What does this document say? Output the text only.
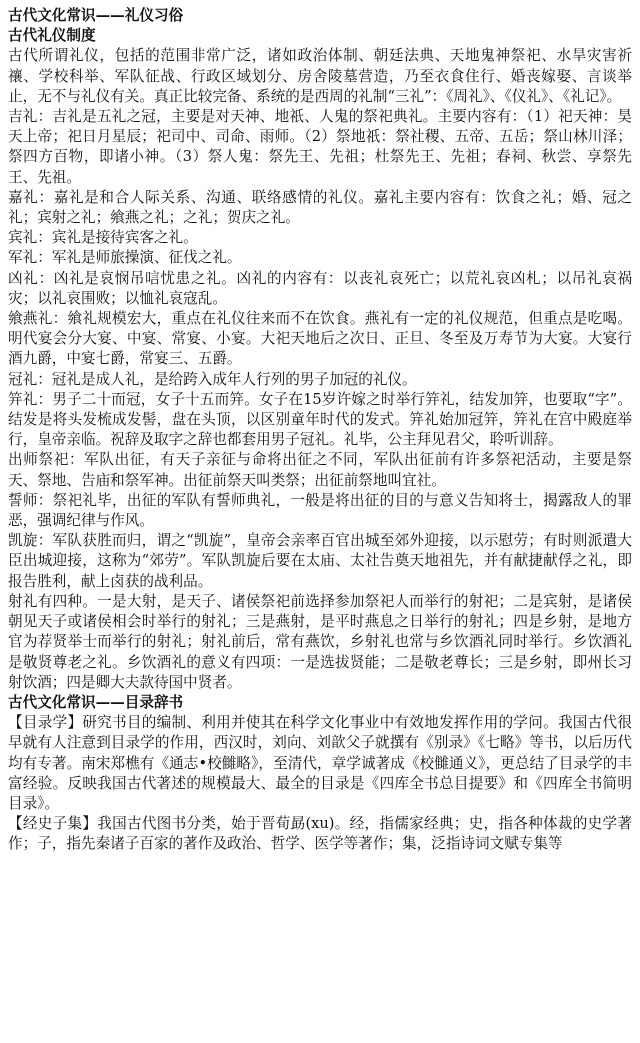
古代文化常识——礼仪习俗
古代礼仪制度

古代所谓礼仪，包括的范围非常广泛，诸如政治体制、朝廷法典、天地鬼神祭祀、水旱灾害祈禳、学校科举、军队征战、行政区域划分、房舍陵墓营造，乃至衣食住行、婚丧嫁娶、言谈举止，无不与礼仪有关。真正比较完备、系统的是西周的礼制“三礼”：《周礼》、《仪礼》、《礼记》。

吉礼：吉礼是五礼之冠，主要是对天神、地祇、人鬼的祭祀典礼。主要内容有：（1）祀天神：昊天上帝；祀日月星辰；祀司中、司命、雨师。（2）祭地祇：祭社稷、五帝、五岳；祭山林川泽；祭四方百物，即诸小神。（3）祭人鬼：祭先王、先祖；杜祭先王、先祖；春祠、秋尝、享祭先王、先祖。

嘉礼：嘉礼是和合人际关系、沟通、联络感情的礼仪。嘉礼主要内容有：饮食之礼；婚、冠之礼；宾射之礼；飨燕之礼；之礼；贺庆之礼。

宾礼：宾礼是接待宾客之礼。

军礼：军礼是师旅操演、征伐之礼。

凶礼：凶礼是哀悯吊唁忧患之礼。凶礼的内容有：以丧礼哀死亡；以荒礼哀凶札；以吊礼哀祸灾；以礼哀围败；以恤礼哀寇乱。

飨燕礼：飨礼规模宏大，重点在礼仪往来而不在饮食。燕礼有一定的礼仪规范，但重点是吃喝。明代宴会分大宴、中宴、常宴、小宴。大祀天地后之次日、正旦、冬至及万寿节为大宴。大宴行酒九爵，中宴七爵，常宴三、五爵。

冠礼：冠礼是成人礼，是给跨入成年人行列的男子加冠的礼仪。

笄礼：男子二十而冠，女子十五而笄。女子在15岁许嫁之时举行笄礼，结发加笄，也要取“字”。结发是将头发梳成发髻，盘在头顶，以区别童年时代的发式。笄礼始加冠笄，笄礼在宫中殿庭举行，皇帝亲临。祝辞及取字之辞也都套用男子冠礼。礼毕，公主拜见君父，聆听训辞。

出师祭祀：军队出征，有天子亲征与命将出征之不同，军队出征前有许多祭祀活动，主要是祭天、祭地、告庙和祭军神。出征前祭天叫类祭；出征前祭地叫宜社。

誓师：祭祀礼毕，出征的军队有誓师典礼，一般是将出征的目的与意义告知将士，揭露敌人的罪恶，强调纪律与作风。

凯旋：军队获胜而归，谓之“凯旋”，皇帝会亲率百官出城至郊外迎接，以示慰劳；有时则派遣大臣出城迎接，这称为“郊劳”。军队凯旋后要在太庙、太社告奠天地祖先，并有献捷献俘之礼，即报告胜利，献上卤获的战利品。

射礼有四种。一是大射，是天子、诸侯祭祀前选择参加祭祀人而举行的射祀；二是宾射，是诸侯朝见天子或诸侯相会时举行的射礼；三是燕射，是平时燕息之日举行的射礼；四是乡射，是地方官为荐贤举士而举行的射礼；射礼前后，常有燕饮，乡射礼也常与乡饮酒礼同时举行。乡饮酒礼是敬贤尊老之礼。乡饮酒礼的意义有四项：一是选拔贤能；二是敬老尊长；三是乡射，即州长习射饮酒；四是卿大夫款待国中贤者。

古代文化常识——目录辞书

【目录学】研究书目的编制、利用并使其在科学文化事业中有效地发挥作用的学问。我国古代很早就有人注意到目录学的作用，西汉时，刘向、刘歆父子就撰有《别录》《七略》等书，以后历代均有专著。南宋郑樵有《通志•校雠略》，至清代，章学诚著成《校雠通义》，更总结了目录学的丰富经验。反映我国古代著述的规模最大、最全的目录是《四库全书总目提要》和《四库全书简明目录》。

【经史子集】我国古代图书分类，始于晋荀勗(xu)。经，指儒家经典；史，指各种体裁的史学著作；子，指先秦诸子百家的著作及政治、哲学、医学等著作；集，泛指诗词文赋专集等
